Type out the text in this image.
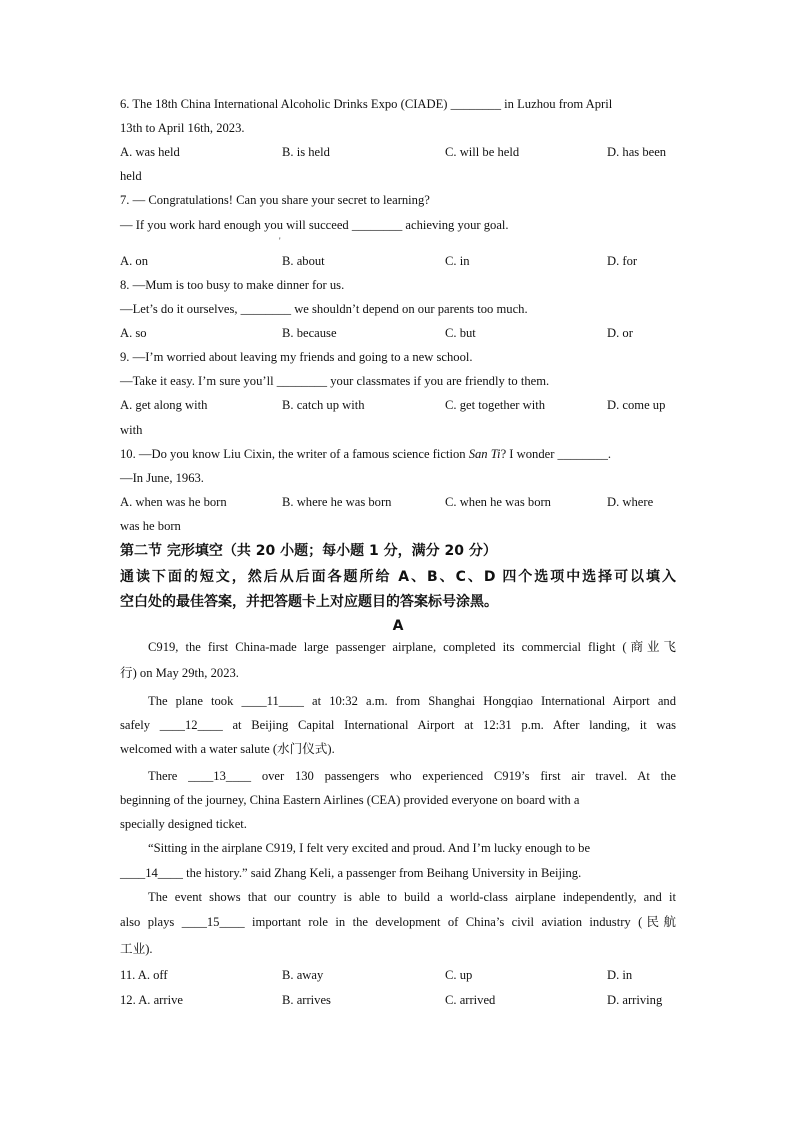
6. The 18th China International Alcoholic Drinks Expo (CIADE) ________ in Luzhou from April
13th to April 16th, 2023.
A. was held	B. is held	C. will be held	D. has been
held
7. — Congratulations! Can you share your secret to learning?
— If you work hard enough you will succeed ________ achieving your goal.
'
A. on	B. about	C. in	D. for
8. —Mum is too busy to make dinner for us.
—Let’s do it ourselves, ________ we shouldn’t depend on our parents too much.
A. so	B. because	C. but	D. or
9. —I’m worried about leaving my friends and going to a new school.
—Take it easy. I’m sure you’ll ________ your classmates if you are friendly to them.
A. get along with	B. catch up with	C. get together with	D. come up
with
10. —Do you know Liu Cixin, the writer of a famous science fiction San Ti? I wonder ________.
—In June, 1963.
A. when was he born	B. where he was born	C. when he was born	D. where
was he born
第二节 完形填空（共 20 小题；每小题 1 分，满分 20 分）
通读下面的短文，然后从后面各题所给 A、B、C、D 四个选项中选择可以填入
空白处的最佳答案，并把答题卡上对应题目的答案标号涂黑。
A
C919, the first China-made large passenger airplane, completed its commercial flight (商业飞
行) on May 29th, 2023.
The plane took ____11____ at 10:32 a.m. from Shanghai Hongqiao International Airport and
safely ____12____ at Beijing Capital International Airport at 12:31 p.m. After landing, it was
welcomed with a water salute (水门仪式).
There ____13____ over 130 passengers who experienced C919’s first air travel. At the
beginning of the journey, China Eastern Airlines (CEA) provided everyone on board with a
specially designed ticket.
“Sitting in the airplane C919, I felt very excited and proud. And I’m lucky enough to be
____14____ the history.” said Zhang Keli, a passenger from Beihang University in Beijing.
The event shows that our country is able to build a world-class airplane independently, and it
also plays ____15____ important role in the development of China’s civil aviation industry (民航
工业).
11. A. off	B. away	C. up	D. in
12. A. arrive	B. arrives	C. arrived	D. arriving
